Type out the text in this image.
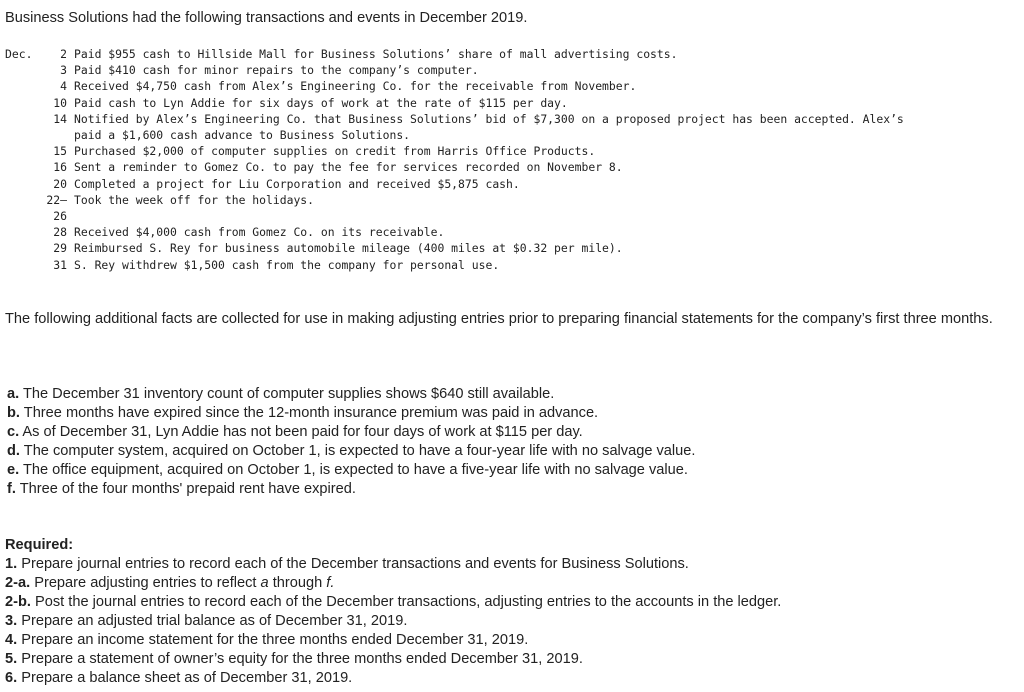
Business Solutions had the following transactions and events in December 2019.
Dec.	2 Paid $955 cash to Hillside Mall for Business Solutions’ share of mall advertising costs.
3 Paid $410 cash for minor repairs to the company’s computer.
4 Received $4,750 cash from Alex’s Engineering Co. for the receivable from November.
10 Paid cash to Lyn Addie for six days of work at the rate of $115 per day.
14 Notified by Alex’s Engineering Co. that Business Solutions’ bid of $7,300 on a proposed project has been accepted. Alex’s
paid a $1,600 cash advance to Business Solutions.
15 Purchased $2,000 of computer supplies on credit from Harris Office Products.
16 Sent a reminder to Gomez Co. to pay the fee for services recorded on November 8.
20 Completed a project for Liu Corporation and received $5,875 cash.
22– Took the week off for the holidays.
26
28 Received $4,000 cash from Gomez Co. on its receivable.
29 Reimbursed S. Rey for business automobile mileage (400 miles at $0.32 per mile).
31 S. Rey withdrew $1,500 cash from the company for personal use.
The following additional facts are collected for use in making adjusting entries prior to preparing financial statements for the company’s first three months.
a. The December 31 inventory count of computer supplies shows $640 still available.
b. Three months have expired since the 12-month insurance premium was paid in advance.
c. As of December 31, Lyn Addie has not been paid for four days of work at $115 per day.
d. The computer system, acquired on October 1, is expected to have a four-year life with no salvage value.
e. The office equipment, acquired on October 1, is expected to have a five-year life with no salvage value.
f. Three of the four months' prepaid rent have expired.
Required:
1. Prepare journal entries to record each of the December transactions and events for Business Solutions.
2-a. Prepare adjusting entries to reflect a through f.
2-b. Post the journal entries to record each of the December transactions, adjusting entries to the accounts in the ledger.
3. Prepare an adjusted trial balance as of December 31, 2019.
4. Prepare an income statement for the three months ended December 31, 2019.
5. Prepare a statement of owner’s equity for the three months ended December 31, 2019.
6. Prepare a balance sheet as of December 31, 2019.
